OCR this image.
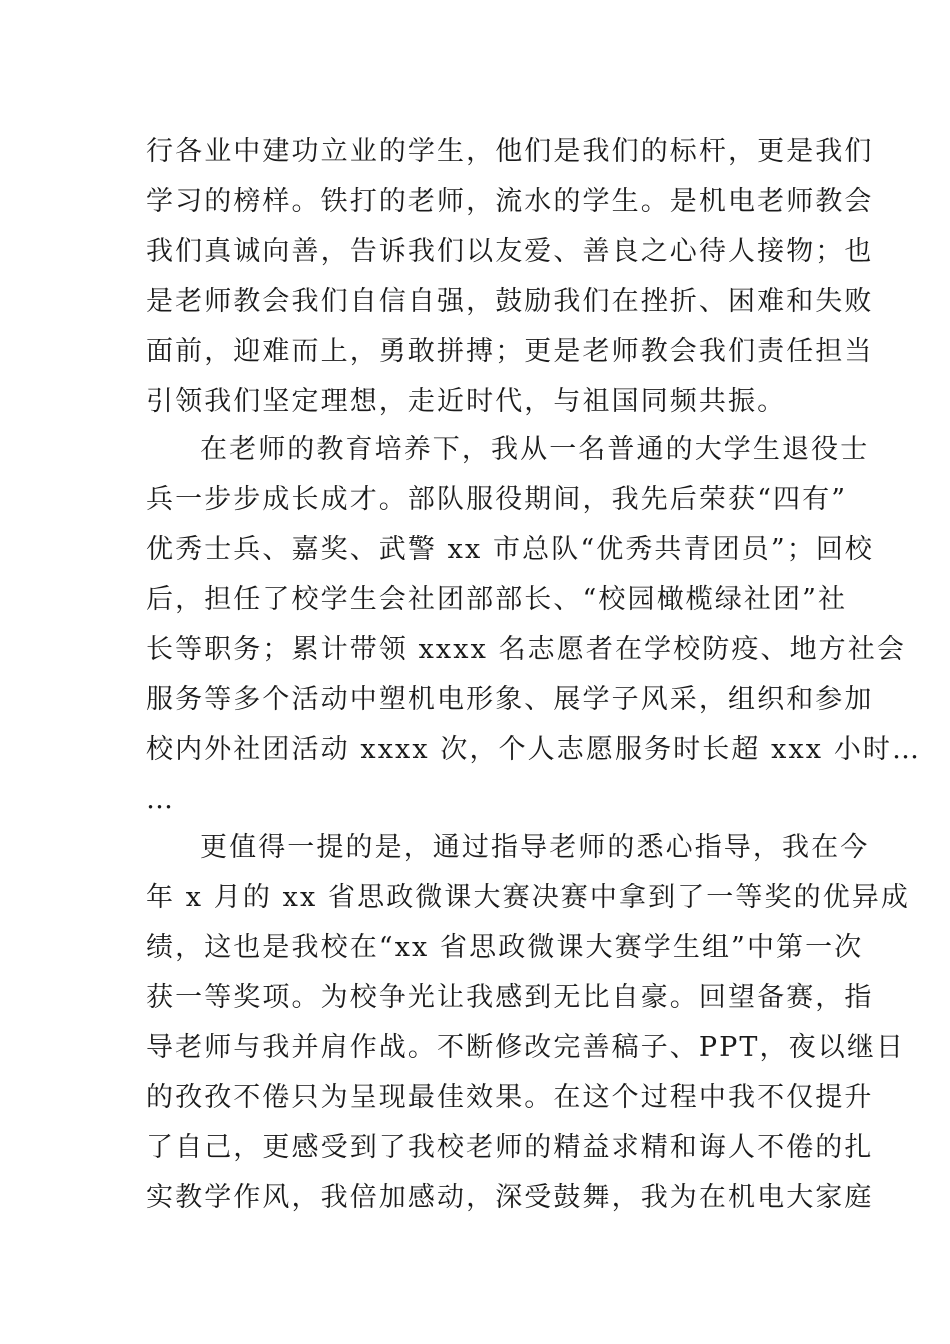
行各业中建功立业的学生，他们是我们的标杆，更是我们
学习的榜样。铁打的老师，流水的学生。是机电老师教会
我们真诚向善，告诉我们以友爱、善良之心待人接物；也
是老师教会我们自信自强，鼓励我们在挫折、困难和失败
面前，迎难而上，勇敢拼搏；更是老师教会我们责任担当
引领我们坚定理想，走近时代，与祖国同频共振。
在老师的教育培养下，我从一名普通的大学生退役士
兵一步步成长成才。部队服役期间，我先后荣获“四有”
优秀士兵、嘉奖、武警 xx 市总队“优秀共青团员”；回校
后，担任了校学生会社团部部长、“校园橄榄绿社团”社
长等职务；累计带领 xxxx 名志愿者在学校防疫、地方社会
服务等多个活动中塑机电形象、展学子风采，组织和参加
校内外社团活动 xxxx 次，个人志愿服务时长超 xxx 小时…
…
更值得一提的是，通过指导老师的悉心指导，我在今
年 x 月的 xx 省思政微课大赛决赛中拿到了一等奖的优异成
绩，这也是我校在“xx 省思政微课大赛学生组”中第一次
获一等奖项。为校争光让我感到无比自豪。回望备赛，指
导老师与我并肩作战。不断修改完善稿子、PPT，夜以继日
的孜孜不倦只为呈现最佳效果。在这个过程中我不仅提升
了自己，更感受到了我校老师的精益求精和诲人不倦的扎
实教学作风，我倍加感动，深受鼓舞，我为在机电大家庭
